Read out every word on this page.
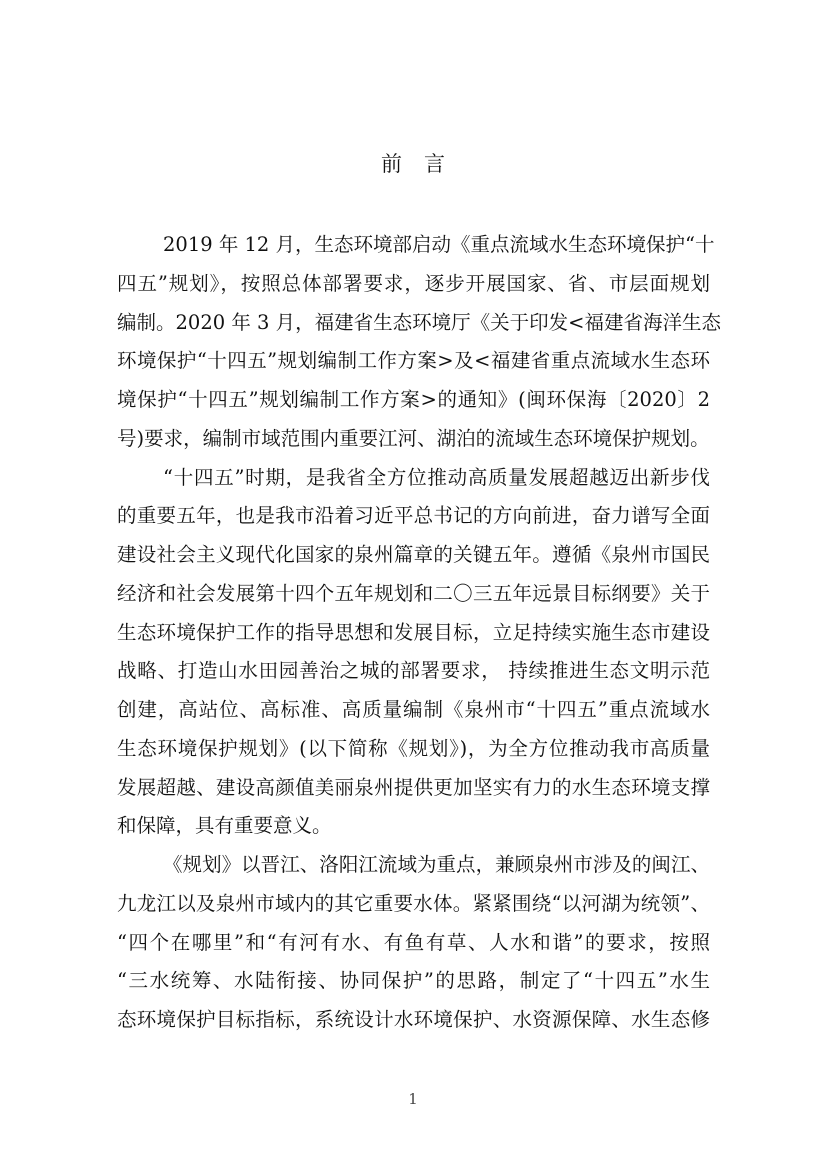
前言
2019 年 12 月，生态环境部启动《重点流域水生态环境保护“十
四五”规划》，按照总体部署要求，逐步开展国家、省、市层面规划
编制。2020 年 3 月，福建省生态环境厅《关于印发<福建省海洋生态
环境保护“十四五”规划编制工作方案>及<福建省重点流域水生态环
境保护“十四五”规划编制工作方案>的通知》(闽环保海〔2020〕2
号)要求，编制市域范围内重要江河、湖泊的流域生态环境保护规划。
“十四五”时期，是我省全方位推动高质量发展超越迈出新步伐
的重要五年，也是我市沿着习近平总书记的方向前进，奋力谱写全面
建设社会主义现代化国家的泉州篇章的关键五年。遵循《泉州市国民
经济和社会发展第十四个五年规划和二〇三五年远景目标纲要》关于
生态环境保护工作的指导思想和发展目标，立足持续实施生态市建设
战略、打造山水田园善治之城的部署要求， 持续推进生态文明示范
创建，高站位、高标准、高质量编制《泉州市“十四五”重点流域水
生态环境保护规划》(以下简称《规划》)，为全方位推动我市高质量
发展超越、建设高颜值美丽泉州提供更加坚实有力的水生态环境支撑
和保障，具有重要意义。
《规划》以晋江、洛阳江流域为重点，兼顾泉州市涉及的闽江、
九龙江以及泉州市域内的其它重要水体。紧紧围绕“以河湖为统领”、
“四个在哪里”和“有河有水、有鱼有草、人水和谐”的要求，按照
“三水统筹、水陆衔接、协同保护”的思路，制定了“十四五”水生
态环境保护目标指标，系统设计水环境保护、水资源保障、水生态修
1
